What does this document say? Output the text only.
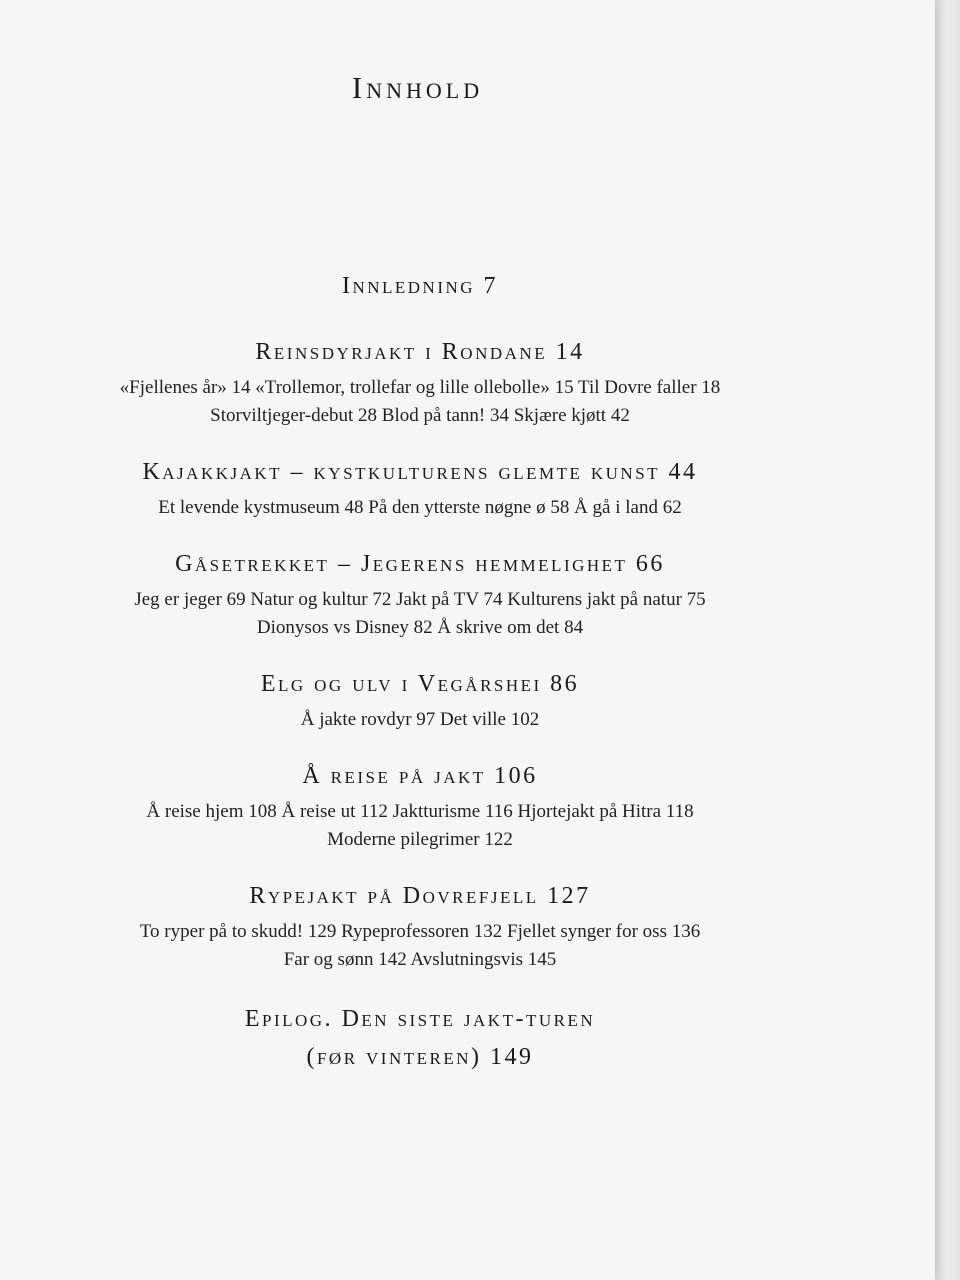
Innhold
Innledning 7
Reinsdyrjakt i Rondane 14
«Fjellenes år» 14 «Trollemor, trollefar og lille ollebolle» 15 Til Dovre faller 18
Storviltjeger-debut 28 Blod på tann! 34 Skjære kjøtt 42
Kajakkjakt – kystkulturens glemte kunst 44
Et levende kystmuseum 48 På den ytterste nøgne ø 58 Å gå i land 62
Gåsetrekket – Jegerens hemmelighet 66
Jeg er jeger 69 Natur og kultur 72 Jakt på TV 74 Kulturens jakt på natur 75
Dionysos vs Disney 82 Å skrive om det 84
Elg og ulv i Vegårshei 86
Å jakte rovdyr 97 Det ville 102
Å reise på jakt 106
Å reise hjem 108 Å reise ut 112 Jaktturisme 116 Hjortejakt på Hitra 118
Moderne pilegrimer 122
Rypejakt på Dovrefjell 127
To ryper på to skudd! 129 Rypeprofessoren 132 Fjellet synger for oss 136
Far og sønn 142 Avslutningsvis 145
Epilog. Den siste jakt-turen
(før vinteren) 149
